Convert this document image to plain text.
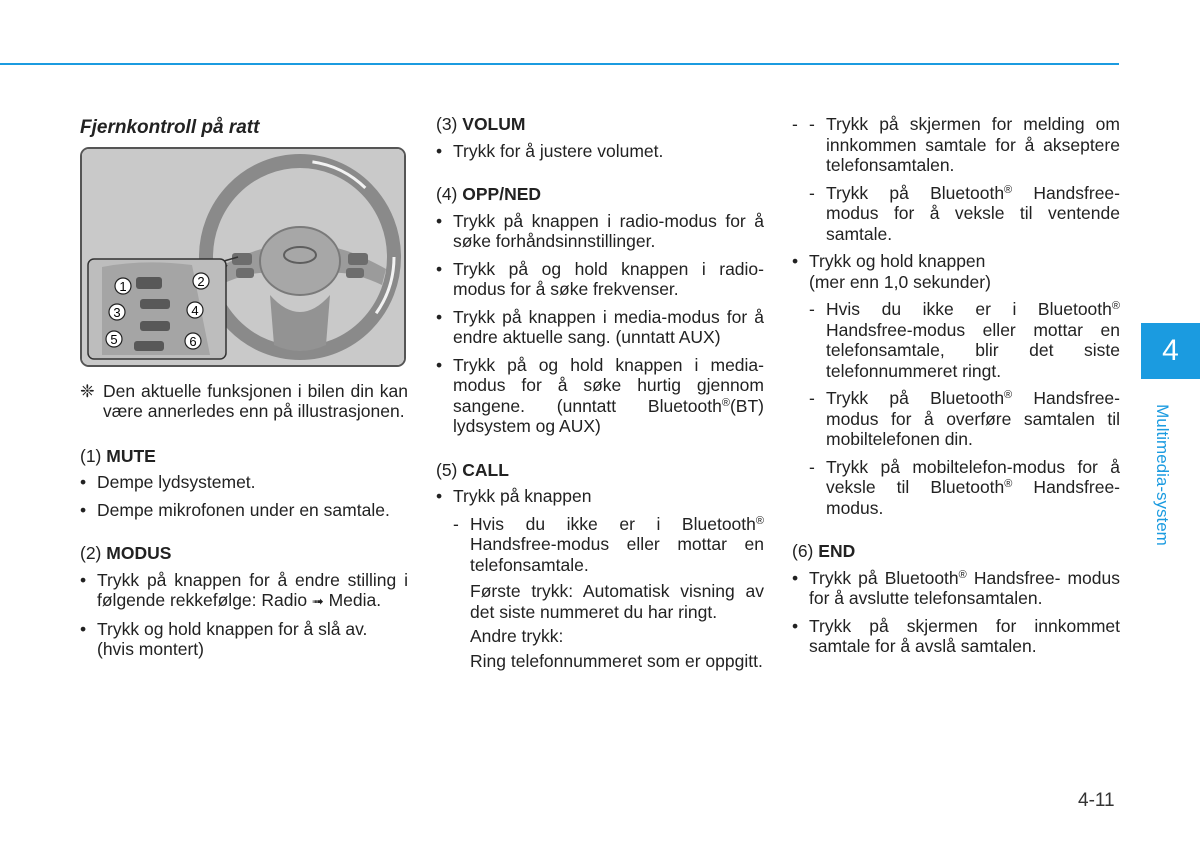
Fjernkontroll på ratt
1	2
3	4
5	6
❈ Den aktuelle funksjonen i bilen din kan være annerledes enn på illustrasjonen.
(1) MUTE
• Dempe lydsystemet.
• Dempe mikrofonen under en samtale.
(2) MODUS
• Trykk på knappen for å endre stilling i følgende rekkefølge: Radio ➟ Media.
• Trykk og hold knappen for å slå av.
(hvis montert)
(3) VOLUM
• Trykk for å justere volumet.
(4) OPP/NED
• Trykk på knappen i radio-modus for å søke forhåndsinnstillinger.
• Trykk på og hold knappen i radio-modus for å søke frekvenser.
• Trykk på knappen i media-modus for å endre aktuelle sang. (unntatt AUX)
• Trykk på og hold knappen i media-modus for å søke hurtig gjennom sangene. (unntatt Bluetooth®(BT) lydsystem og AUX)
(5) CALL
• Trykk på knappen
- Hvis du ikke er i Bluetooth® Handsfree-modus eller mottar en telefonsamtale.
Første trykk: Automatisk visning av det siste nummeret du har ringt.
Andre trykk:
Ring telefonnummeret som er oppgitt.
- - Trykk på skjermen for melding om innkommen samtale for å akseptere telefonsamtalen.
- Trykk på Bluetooth® Handsfree- modus for å veksle til ventende samtale.
• Trykk og hold knappen
(mer enn 1,0 sekunder)
- Hvis du ikke er i Bluetooth® Handsfree-modus eller mottar en telefonsamtale, blir det siste telefonnummeret ringt.
- Trykk på Bluetooth® Handsfree- modus for å overføre samtalen til mobiltelefonen din.
- Trykk på mobiltelefon-modus for å veksle til Bluetooth® Handsfree- modus.
(6) END
• Trykk på Bluetooth® Handsfree- modus for å avslutte telefonsamtalen.
• Trykk på skjermen for innkommet samtale for å avslå samtalen.
4
Multimedia-system
4-11
